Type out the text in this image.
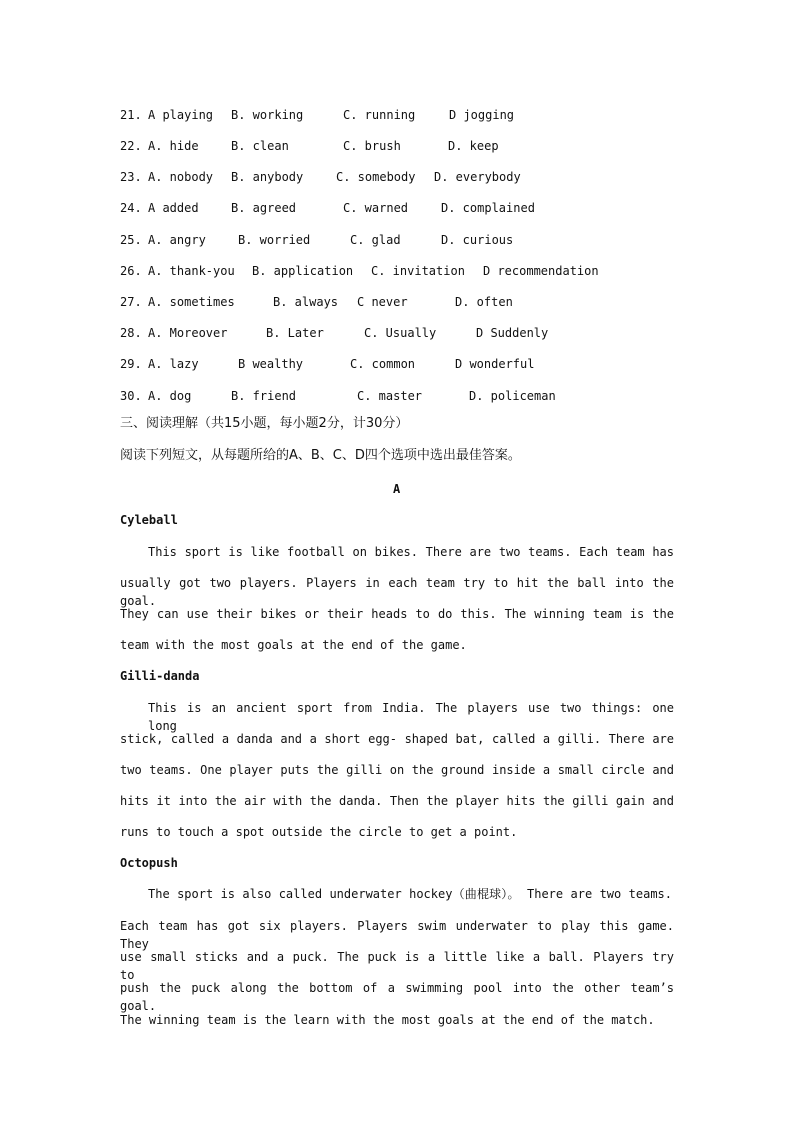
21.

A playing

B. working

	C. running

	D jogging

22.

A. hide

	B. clean

	C. brush

	D. keep

23.

A. nobody

B. anybody

	C. somebody

D. everybody

24.

A added

	B. agreed

	C. warned

	D. complained

25.

A. angry

	B. worried

	C. glad

	D. curious

26.

A. thank-you

B. application

C. invitation

D recommendation

27.

A. sometimes

	B. always

C never

	D. often

28.

A. Moreover

	B. Later

	C. Usually

	D Suddenly

29.

A. lazy

	B wealthy

	C. common

	D wonderful

30.

A. dog

	B. friend

	C. master

	D. policeman

三、阅读理解（共15小题，每小题2分，计30分）
阅读下列短文，从每题所给的A、B、C、D四个选项中选出最佳答案。
A
Cyleball
This sport is like football on bikes. There are two teams. Each team has
usually got two players. Players in each team try to hit the ball into the goal.
They can use their bikes or their heads to do this. The winning team is the
team with the most goals at the end of the game.
Gilli-danda
This is an ancient sport from India. The players use two things: one long
stick, called a danda and a short egg- shaped bat, called a gilli. There are
two teams. One player puts the gilli on the ground inside a small circle and
hits it into the air with the danda. Then the player hits the gilli gain and
runs to touch a spot outside the circle to get a point.
Octopush
The sport is also called underwater hockey（曲棍球）。 There are two teams.
Each team has got six players. Players swim underwater to play this game. They
use small sticks and a puck. The puck is a little like a ball. Players try to
push the puck along the bottom of a swimming pool into the other team’s goal.
The winning team is the learn with the most goals at the end of the match.
